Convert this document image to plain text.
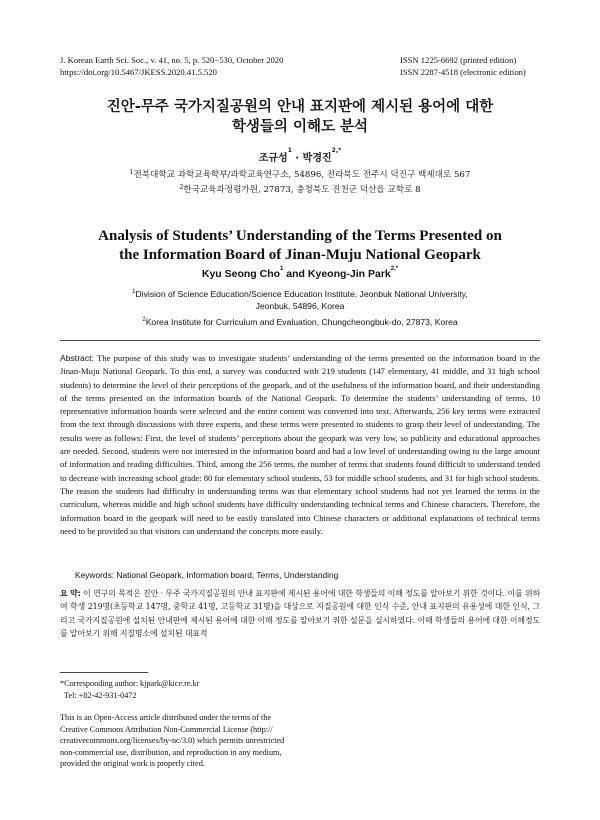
J. Korean Earth Sci. Soc., v. 41, no. 5, p. 520−530, October 2020
https://doi.org/10.5467/JKESS.2020.41.5.520
ISSN 1225-6692 (printed edition)
ISSN 2287-4518 (electronic edition)
진안-무주 국가지질공원의 안내 표지판에 제시된 용어에 대한
학생들의 이해도 분석
조규성$^1$ · 박경진$^{2,*}$
$^1$전북대학교 과학교육학부/과학교육연구소, 54896, 전라북도 전주시 덕진구 백제대로 567
$^2$한국교육과정평가원, 27873, 충청북도 진천군 덕산읍 교학로 8
Analysis of Students’ Understanding of the Terms Presented on
the Information Board of Jinan-Muju National Geopark
Kyu Seong Cho$^1$ and Kyeong-Jin Park$^{2,*}$
$^1$Division of Science Education/Science Education Institute, Jeonbuk National University,
Jeonbuk, 54896, Korea
$^2$Korea Institute for Curriculum and Evaluation, Chungcheongbuk-do, 27873, Korea
Abstract: The purpose of this study was to investigate students’ understanding of the terms presented on the information board in the Jinan-Muju National Geopark. To this end, a survey was conducted with 219 students (147 elementary, 41 middle, and 31 high school students) to determine the level of their perceptions of the geopark, and of the usefulness of the information board, and their understanding of the terms presented on the information boards of the National Geopark. To determine the students’ understanding of terms, 10 representative information boards were selected and the entire content was converted into text. Afterwards, 256 key terms were extracted from the text through discussions with three experts, and these terms were presented to students to grasp their level of understanding. The results were as follows: First, the level of students’ perceptions about the geopark was very low, so publicity and educational approaches are needed. Second, students were not interested in the information board and had a low level of understanding owing to the large amount of information and reading difficulties. Third, among the 256 terms, the number of terms that students found difficult to understand tended to decrease with increasing school grade: 80 for elementary school students, 53 for middle school students, and 31 for high school students. The reason the students had difficulty in understanding terms was that elementary school students had not yet learned the terms in the curriculum, whereas middle and high school students have difficulty understanding technical terms and Chinese characters. Therefore, the information board in the geopark will need to be easily translated into Chinese characters or additional explanations of technical terms need to be provided so that visitors can understand the concepts more easily.
Keywords: National Geopark, Information board, Terms, Understanding
요 약: 이 연구의 목적은 진안 · 무주 국가지질공원의 안내 표지판에 제시된 용어에 대한 학생들의 이해 정도를 알아보기 위한 것이다. 이를 위하여 학생 219명(초등학교 147명, 중학교 41명, 고등학교 31명)을 대상으로 지질공원에 대한 인식 수준, 안내 표지판의 유용성에 대한 인식, 그리고 국가지질공원에 설치된 안내판에 제시된 용어에 대한 이해 정도를 알아보기 위한 설문을 실시하였다. 이때 학생들의 용어에 대한 이해정도를 알아보기 위해 지질명소에 설치된 대표적
*Corresponding author: kjpark@kice.re.kr
Tel: +82-42-931-0472
This is an Open-Access article distributed under the terms of the
Creative Commons Attribution Non-Commercial License (http://
creativecommons.org/licenses/by-nc/3.0) which permits unrestricted
non-commercial use, distribution, and reproduction in any medium,
provided the original work is properly cited.
